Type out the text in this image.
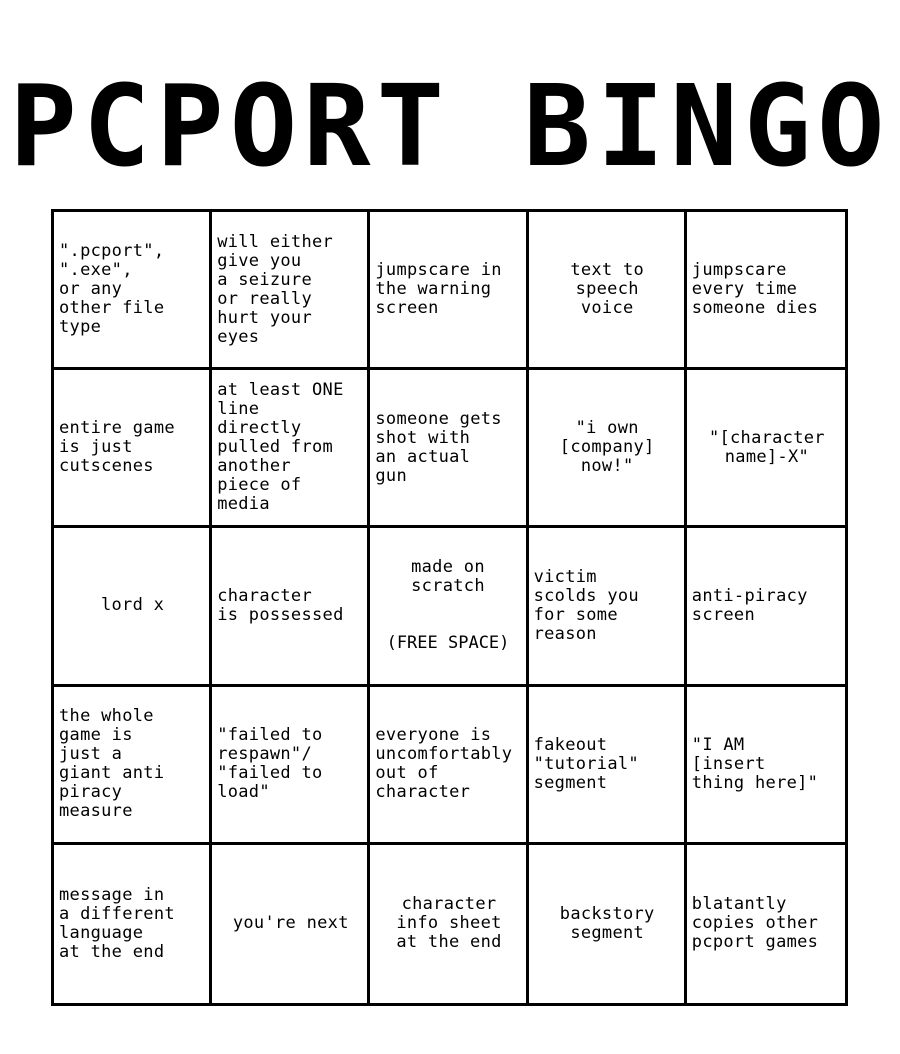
PCPORT BINGO
".pcport",
".exe",
or any
other file
type
will either
give you
a seizure
or really
hurt your
eyes
jumpscare in
the warning
screen
text to
speech
voice
jumpscare
every time
someone dies
entire game
is just
cutscenes
at least ONE
line
directly
pulled from
another
piece of
media
someone gets
shot with
an actual
gun
"i own
[company]
now!"
"[character
name]-X"
lord x	character
is possessed
made on
scratch
(FREE SPACE)
victim
scolds you
for some
reason
anti-piracy
screen
the whole
game is
just a
giant anti
piracy
measure
"failed to
respawn"/
"failed to
load"
everyone is
uncomfortably
out of
character
fakeout
"tutorial"
segment
"I AM
[insert
thing here]"
message in
a different
language
at the end
you're next
character
info sheet
at the end
backstory
segment
blatantly
copies other
pcport games
